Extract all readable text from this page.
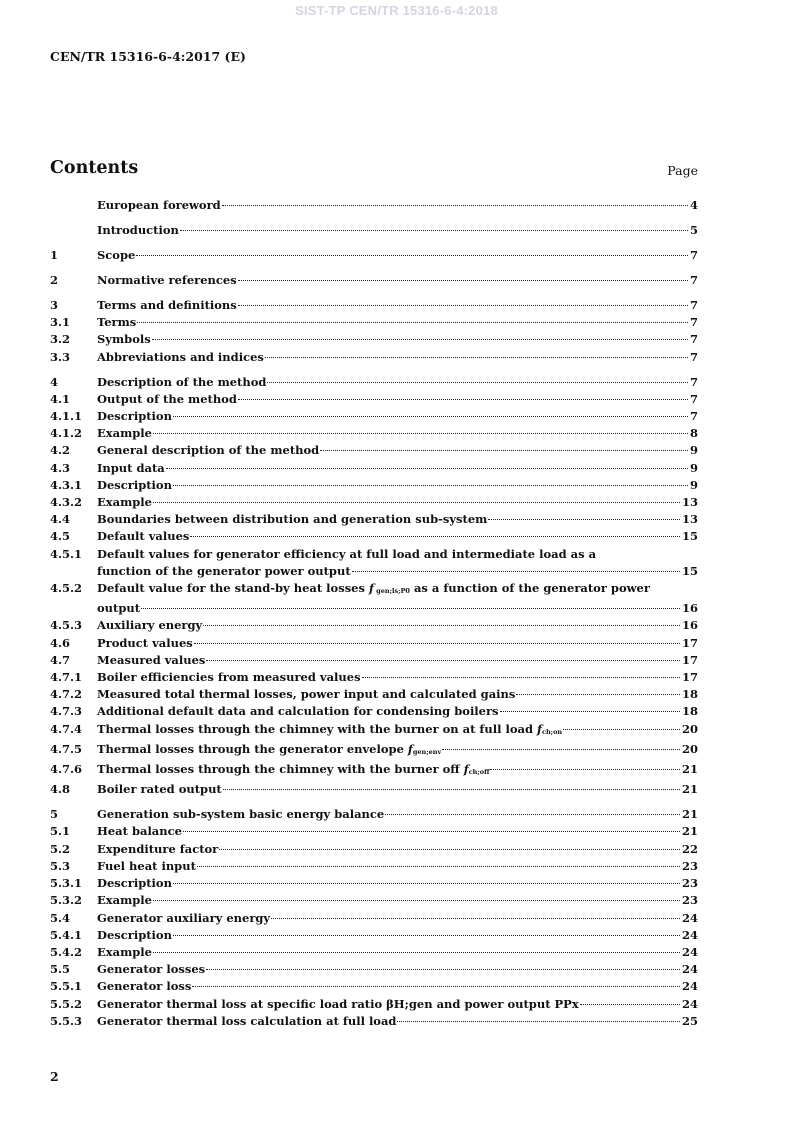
SIST-TP CEN/TR 15316-6-4:2018
CEN/TR 15316-6-4:2017 (E)
Contents	Page
European foreword	4
Introduction	5
1	Scope	7
2	Normative references	7
3	Terms and definitions	7
3.1	Terms	7
3.2	Symbols	7
3.3	Abbreviations and indices	7
4	Description of the method	7
4.1	Output of the method	7
4.1.1	Description	7
4.1.2	Example	8
4.2	General description of the method	9
4.3	Input data	9
4.3.1	Description	9
4.3.2	Example	13
4.4	Boundaries between distribution and generation sub-system	13
4.5	Default values	15
4.5.1	Default values for generator efficiency at full load and intermediate load as a
function of the generator power output	15
4.5.2	Default value for the stand-by heat losses f gen;ls;P0 as a function of the generator power
output	16
4.5.3	Auxiliary energy	16
4.6	Product values	17
4.7	Measured values	17
4.7.1	Boiler efficiencies from measured values	17
4.7.2	Measured total thermal losses, power input and calculated gains	18
4.7.3	Additional default data and calculation for condensing boilers	18
4.7.4	Thermal losses through the chimney with the burner on at full load fch;on	20
4.7.5	Thermal losses through the generator envelope fgen;env	20
4.7.6	Thermal losses through the chimney with the burner off fch;off	21
4.8	Boiler rated output	21
5	Generation sub-system basic energy balance	21
5.1	Heat balance	21
5.2	Expenditure factor	22
5.3	Fuel heat input	23
5.3.1	Description	23
5.3.2	Example	23
5.4	Generator auxiliary energy	24
5.4.1	Description	24
5.4.2	Example	24
5.5	Generator losses	24
5.5.1	Generator loss	24
5.5.2	Generator thermal loss at specific load ratio βH;gen and power output PPx	24
5.5.3	Generator thermal loss calculation at full load	25
2
